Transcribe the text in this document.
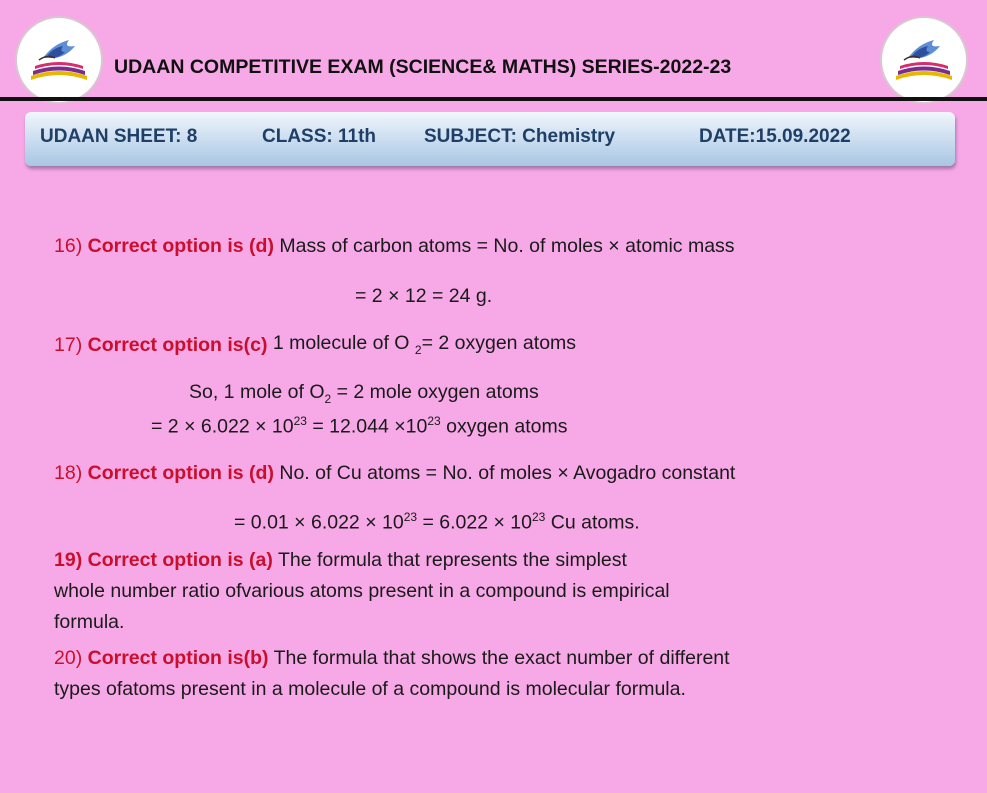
UDAAN COMPETITIVE EXAM (SCIENCE& MATHS) SERIES-2022-23
UDAAN SHEET: 8	CLASS: 11th	SUBJECT: Chemistry	DATE:15.09.2022
16) Correct option is (d) Mass of carbon atoms = No. of moles × atomic mass
= 2 × 12 = 24 g.
17) Correct option is(c) 1 molecule of O $_2$= 2 oxygen atoms
So, 1 mole of $O_2 = 2$ mole oxygen atoms
= $2 \times 6.022 \times 10^{23} = 12.044 \times 10^{23}$ oxygen atoms
18) Correct option is (d) No. of Cu atoms = No. of moles × Avogadro constant
= $0.01 \times 6.022 \times 10^{23} = 6.022 \times 10^{23}$ Cu atoms.
19) Correct option is (a) The formula that represents the simplest
whole number ratio ofvarious atoms present in a compound is empirical
formula.
20) Correct option is(b) The formula that shows the exact number of different
types ofatoms present in a molecule of a compound is molecular formula.
